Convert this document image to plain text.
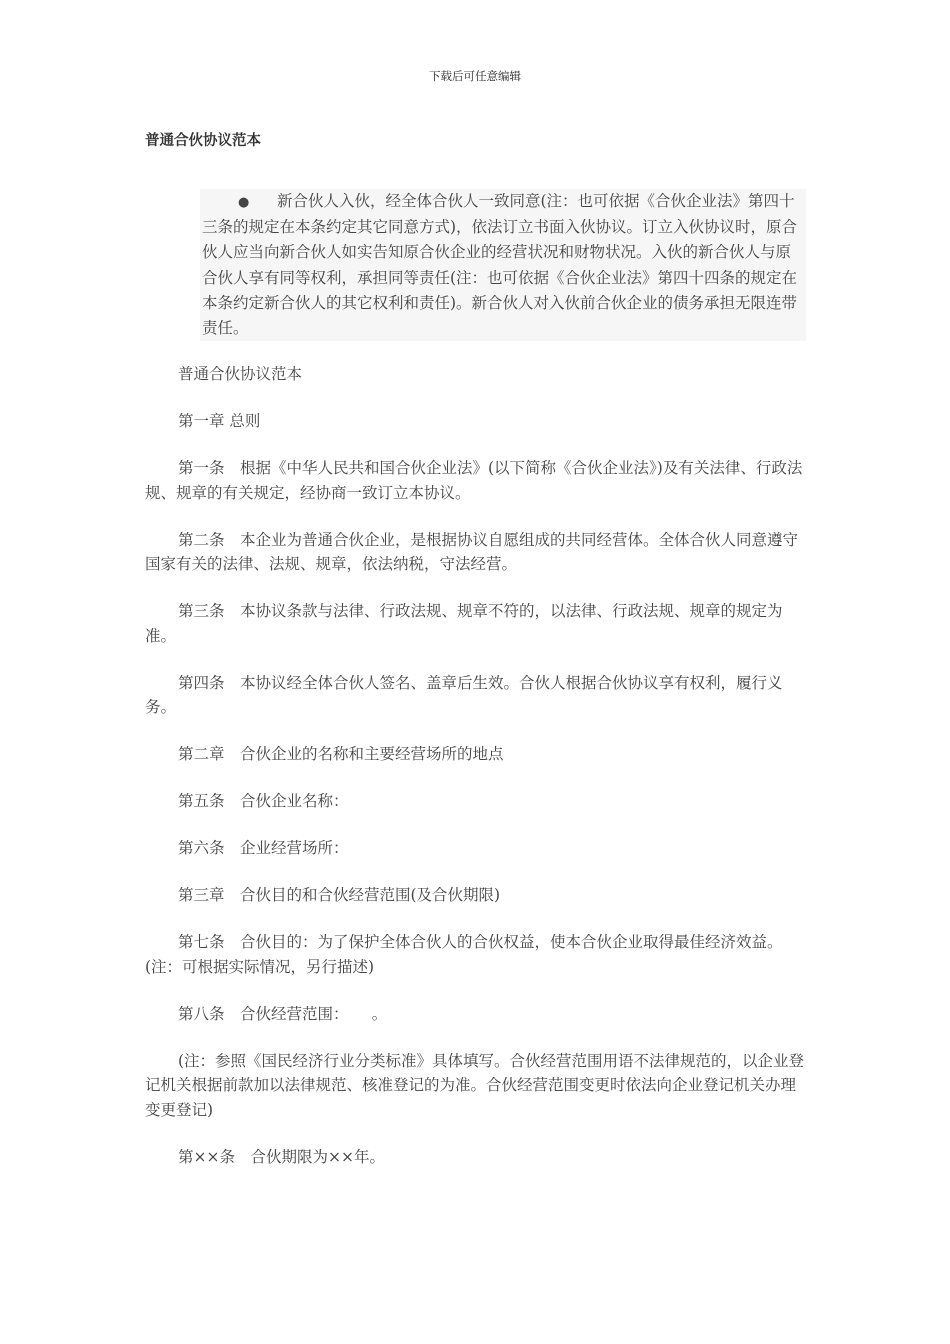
下载后可任意编辑
普通合伙协议范本
● 新合伙人入伙，经全体合伙人一致同意(注：也可依据《合伙企业法》第四十三条的规定在本条约定其它同意方式)，依法订立书面入伙协议。订立入伙协议时，原合伙人应当向新合伙人如实告知原合伙企业的经营状况和财物状况。入伙的新合伙人与原合伙人享有同等权利，承担同等责任(注：也可依据《合伙企业法》第四十四条的规定在本条约定新合伙人的其它权利和责任)。新合伙人对入伙前合伙企业的债务承担无限连带责任。

普通合伙协议范本

第一章 总则

第一条　根据《中华人民共和国合伙企业法》(以下简称《合伙企业法》)及有关法律、行政法规、规章的有关规定，经协商一致订立本协议。

第二条　本企业为普通合伙企业，是根据协议自愿组成的共同经营体。全体合伙人同意遵守国家有关的法律、法规、规章，依法纳税，守法经营。

第三条　本协议条款与法律、行政法规、规章不符的，以法律、行政法规、规章的规定为准。

第四条　本协议经全体合伙人签名、盖章后生效。合伙人根据合伙协议享有权利，履行义务。

第二章　合伙企业的名称和主要经营场所的地点

第五条　合伙企业名称：

第六条　企业经营场所：

第三章　合伙目的和合伙经营范围(及合伙期限)

第七条　合伙目的：为了保护全体合伙人的合伙权益，使本合伙企业取得最佳经济效益。(注：可根据实际情况，另行描述)

第八条　合伙经营范围：　　。

(注：参照《国民经济行业分类标准》具体填写。合伙经营范围用语不法律规范的，以企业登记机关根据前款加以法律规范、核准登记的为准。合伙经营范围变更时依法向企业登记机关办理变更登记)

第××条　合伙期限为××年。
